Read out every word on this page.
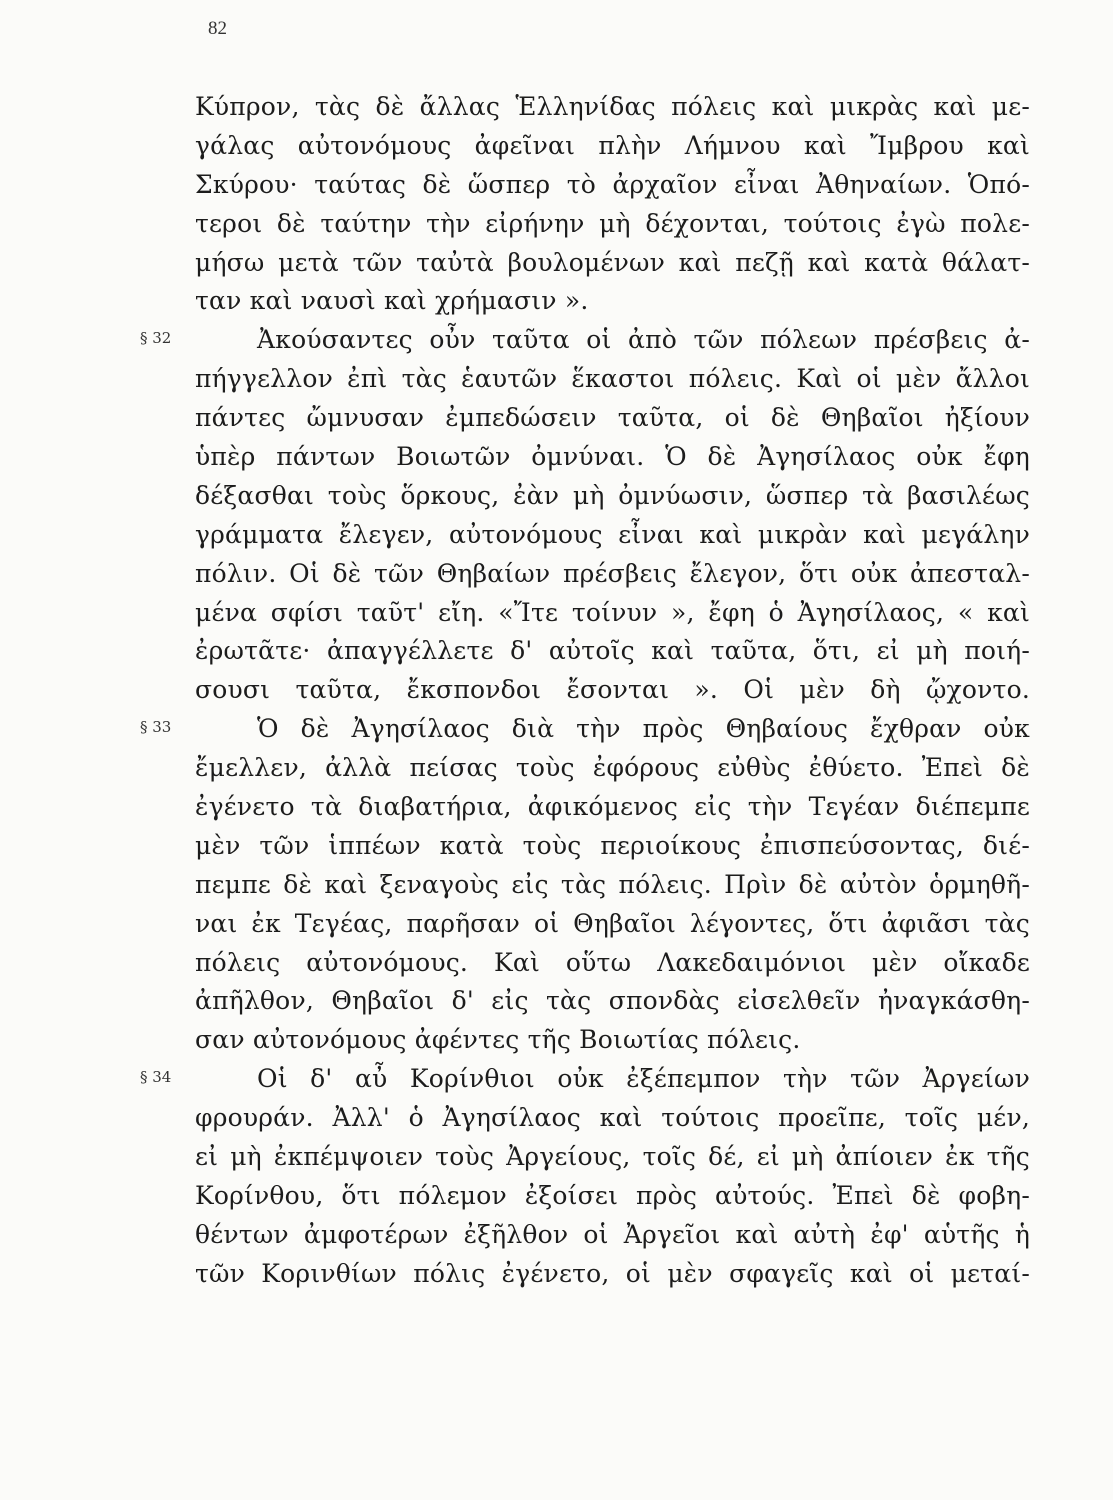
82
Κύπρον, τὰς δὲ ἄλλας Ἑλληνίδας πόλεις καὶ μικρὰς καὶ με-
γάλας αὐτονόμους ἀφεῖναι πλὴν Λήμνου καὶ Ἴμβρου καὶ
Σκύρου· ταύτας δὲ ὥσπερ τὸ ἀρχαῖον εἶναι Ἀθηναίων. Ὁπό-
τεροι δὲ ταύτην τὴν εἰρήνην μὴ δέχονται, τούτοις ἐγὼ πολε-
μήσω μετὰ τῶν ταὐτὰ βουλομένων καὶ πεζῇ καὶ κατὰ θάλατ-
ταν καὶ ναυσὶ καὶ χρήμασιν ».
§ 32	Ἀκούσαντες οὖν ταῦτα οἱ ἀπὸ τῶν πόλεων πρέσβεις ἀ-
πήγγελλον ἐπὶ τὰς ἑαυτῶν ἕκαστοι πόλεις. Καὶ οἱ μὲν ἄλλοι
πάντες ὤμνυσαν ἐμπεδώσειν ταῦτα, οἱ δὲ Θηβαῖοι ἠξίουν
ὑπὲρ πάντων Βοιωτῶν ὀμνύναι. Ὁ δὲ Ἀγησίλαος οὐκ ἔφη
δέξασθαι τοὺς ὅρκους, ἐὰν μὴ ὀμνύωσιν, ὥσπερ τὰ βασιλέως
γράμματα ἔλεγεν, αὐτονόμους εἶναι καὶ μικρὰν καὶ μεγάλην
πόλιν. Οἱ δὲ τῶν Θηβαίων πρέσβεις ἔλεγον, ὅτι οὐκ ἀπεσταλ-
μένα σφίσι ταῦτ' εἴη. «Ἴτε τοίνυν », ἔφη ὁ Ἀγησίλαος, « καὶ
ἐρωτᾶτε· ἀπαγγέλλετε δ' αὐτοῖς καὶ ταῦτα, ὅτι, εἰ μὴ ποιή-
σουσι ταῦτα, ἔκσπονδοι ἔσονται ». Οἱ μὲν δὴ ᾤχοντο.
§ 33	Ὁ δὲ Ἀγησίλαος διὰ τὴν πρὸς Θηβαίους ἔχθραν οὐκ
ἔμελλεν, ἀλλὰ πείσας τοὺς ἐφόρους εὐθὺς ἐθύετο. Ἐπεὶ δὲ
ἐγένετο τὰ διαβατήρια, ἀφικόμενος εἰς τὴν Τεγέαν διέπεμπε
μὲν τῶν ἱππέων κατὰ τοὺς περιοίκους ἐπισπεύσοντας, διέ-
πεμπε δὲ καὶ ξεναγοὺς εἰς τὰς πόλεις. Πρὶν δὲ αὐτὸν ὁρμηθῆ-
ναι ἐκ Τεγέας, παρῆσαν οἱ Θηβαῖοι λέγοντες, ὅτι ἀφιᾶσι τὰς
πόλεις αὐτονόμους. Καὶ οὕτω Λακεδαιμόνιοι μὲν οἴκαδε
ἀπῆλθον, Θηβαῖοι δ' εἰς τὰς σπονδὰς εἰσελθεῖν ἠναγκάσθη-
σαν αὐτονόμους ἀφέντες τῆς Βοιωτίας πόλεις.
§ 34	Οἱ δ' αὖ Κορίνθιοι οὐκ ἐξέπεμπον τὴν τῶν Ἀργείων
φρουράν. Ἀλλ' ὁ Ἀγησίλαος καὶ τούτοις προεῖπε, τοῖς μέν,
εἰ μὴ ἐκπέμψοιεν τοὺς Ἀργείους, τοῖς δέ, εἰ μὴ ἀπίοιεν ἐκ τῆς
Κορίνθου, ὅτι πόλεμον ἐξοίσει πρὸς αὐτούς. Ἐπεὶ δὲ φοβη-
θέντων ἀμφοτέρων ἐξῆλθον οἱ Ἀργεῖοι καὶ αὐτὴ ἐφ' αὑτῆς ἡ
τῶν Κορινθίων πόλις ἐγένετο, οἱ μὲν σφαγεῖς καὶ οἱ μεταί-
